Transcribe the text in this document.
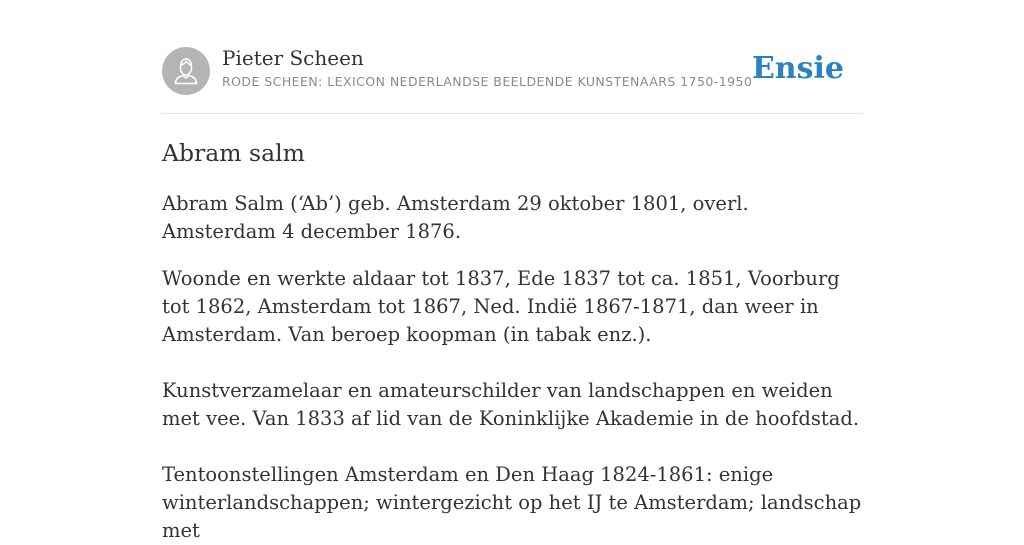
Pieter Scheen
RODE SCHEEN: LEXICON NEDERLANDSE BEELDENDE KUNSTENAARS 1750-1950 Ensie
Abram salm

Abram Salm (‘Ab’) geb. Amsterdam 29 oktober 1801, overl. Amsterdam 4 december 1876.

Woonde en werkte aldaar tot 1837, Ede 1837 tot ca. 1851, Voorburg tot 1862, Amsterdam tot 1867, Ned. Indië 1867-1871, dan weer in Amsterdam. Van beroep koopman (in tabak enz.).

Kunstverzamelaar en amateurschilder van landschappen en weiden met vee. Van 1833 af lid van de Koninklijke Akademie in de hoofdstad.

Tentoonstellingen Amsterdam en Den Haag 1824-1861: enige winterlandschappen; wintergezicht op het IJ te Amsterdam; landschap met
